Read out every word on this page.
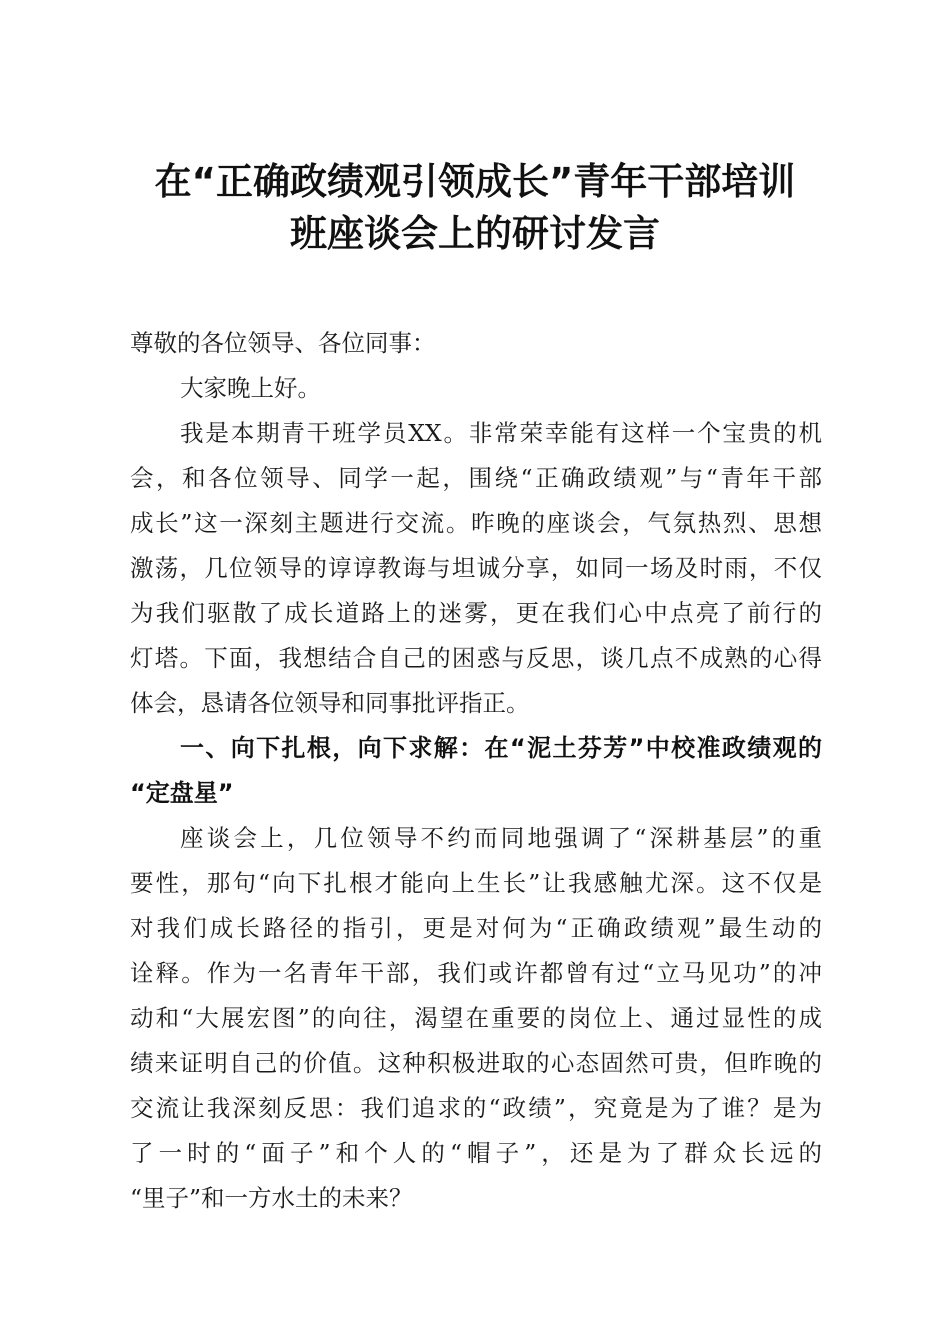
在“正确政绩观引领成长”青年干部培训
班座谈会上的研讨发言
尊敬的各位领导、各位同事：
大家晚上好。
我是本期青干班学员XX。非常荣幸能有这样一个宝贵的机
会，和各位领导、同学一起，围绕“正确政绩观”与“青年干部
成长”这一深刻主题进行交流。昨晚的座谈会，气氛热烈、思想
激荡，几位领导的谆谆教诲与坦诚分享，如同一场及时雨，不仅
为我们驱散了成长道路上的迷雾，更在我们心中点亮了前行的
灯塔。下面，我想结合自己的困惑与反思，谈几点不成熟的心得
体会，恳请各位领导和同事批评指正。
一、向下扎根，向下求解：在“泥土芬芳”中校准政绩观的
“定盘星”
座谈会上，几位领导不约而同地强调了“深耕基层”的重
要性，那句“向下扎根才能向上生长”让我感触尤深。这不仅是
对我们成长路径的指引，更是对何为“正确政绩观”最生动的
诠释。作为一名青年干部，我们或许都曾有过“立马见功”的冲
动和“大展宏图”的向往，渴望在重要的岗位上、通过显性的成
绩来证明自己的价值。这种积极进取的心态固然可贵，但昨晚的
交流让我深刻反思：我们追求的“政绩”，究竟是为了谁？是为
了一时的“面子”和个人的“帽子”，还是为了群众长远的
“里子”和一方水土的未来？
